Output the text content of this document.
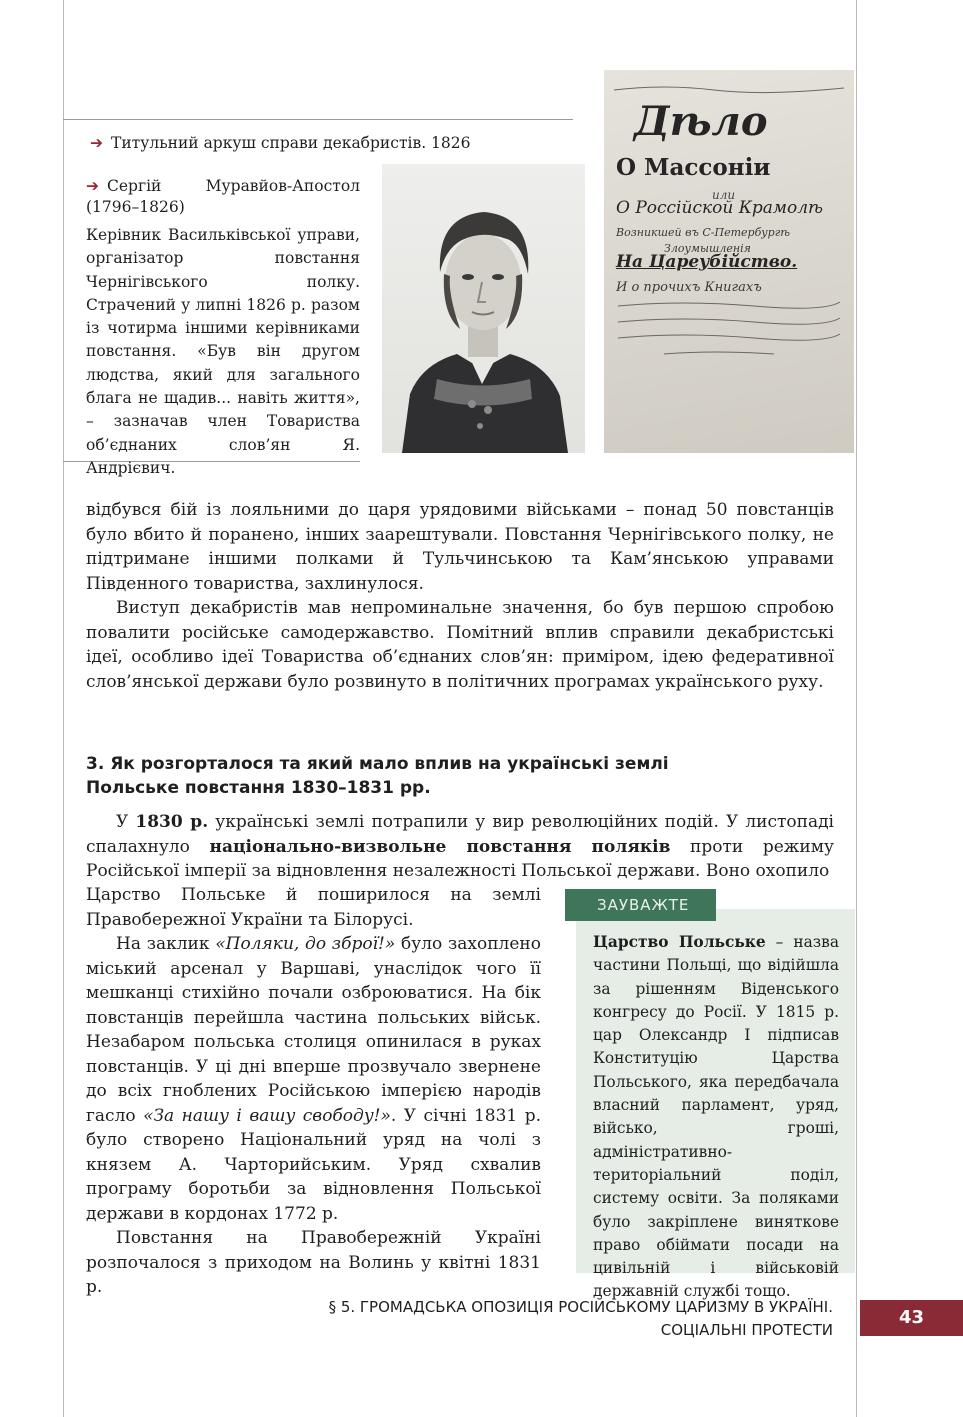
➔ Титульний аркуш справи декабристів. 1826
➔ Сергій	Муравйов-Апостол
(1796–1826)

Керівник Васильківської управи, організатор повстання Чернігівського полку. Страчений у липні 1826 р. разом із чотирма іншими керівниками повстання. «Був він другом людства, який для загального блага не щадив... навіть життя», – зазначав член Товариства об’єднаних слов’ян Я. Андрієвич.

Дѣло
О Массонiи
или
О Россiйской Крамолѣ
Возникшей въ С-Петербургѣ
Злоумышленiя
На Цареубiйство.
И о прочихъ Книгахъ

відбувся бій із лояльними до царя урядовими військами – понад 50 повстанців було вбито й поранено, інших заарештували. Повстання Чернігівського полку, не підтримане іншими полками й Тульчинською та Кам’янською управами Південного товариства, захлинулося.

Виступ декабристів мав непроминальне значення, бо був першою спробою повалити російське самодержавство. Помітний вплив справили декабристські ідеї, особливо ідеї Товариства об’єднаних слов’ян: приміром, ідею федеративної слов’янської держави було розвинуто в політичних програмах українського руху.

3. Як розгорталося та який мало вплив на українські землі
Польське повстання 1830–1831 рр.

У 1830 р. українські землі потрапили у вир революційних подій. У листопаді спалахнуло національно-визвольне повстання поляків проти режиму Російської імперії за відновлення незалежності Польської держави. Воно охопило

Царство Польське й поширилося на землі Правобережної України та Білорусі.

На заклик «Поляки, до зброї!» було захоплено міський арсенал у Варшаві, унаслідок чого її мешканці стихійно почали озброюватися. На бік повстанців перейшла частина польських військ. Незабаром польська столиця опинилася в руках повстанців. У ці дні вперше прозвучало звернене до всіх гноблених Російською імперією народів гасло «За нашу і вашу свободу!». У січні 1831 р. було створено Національний уряд на чолі з князем А. Чарторийським. Уряд схвалив програму боротьби за відновлення Польської держави в кордонах 1772 р.

Повстання на Правобережній Україні розпочалося з приходом на Волинь у квітні 1831 р.

Царство Польське – назва частини Польщі, що відійшла за рішенням Віденського конгресу до Росії. У 1815 р. цар Олександр I підписав Конституцію Царства Польського, яка передбачала власний парламент, уряд, військо, гроші, адміністративно-територіальний поділ, систему освіти. За поляками було закріплене виняткове право обіймати посади на цивільній і військовій державній службі тощо.

ЗАУВАЖТЕ
§ 5. ГРОМАДСЬКА ОПОЗИЦІЯ РОСІЙСЬКОМУ ЦАРИЗМУ В УКРАЇНІ.
СОЦІАЛЬНІ ПРОТЕСТИ
43
